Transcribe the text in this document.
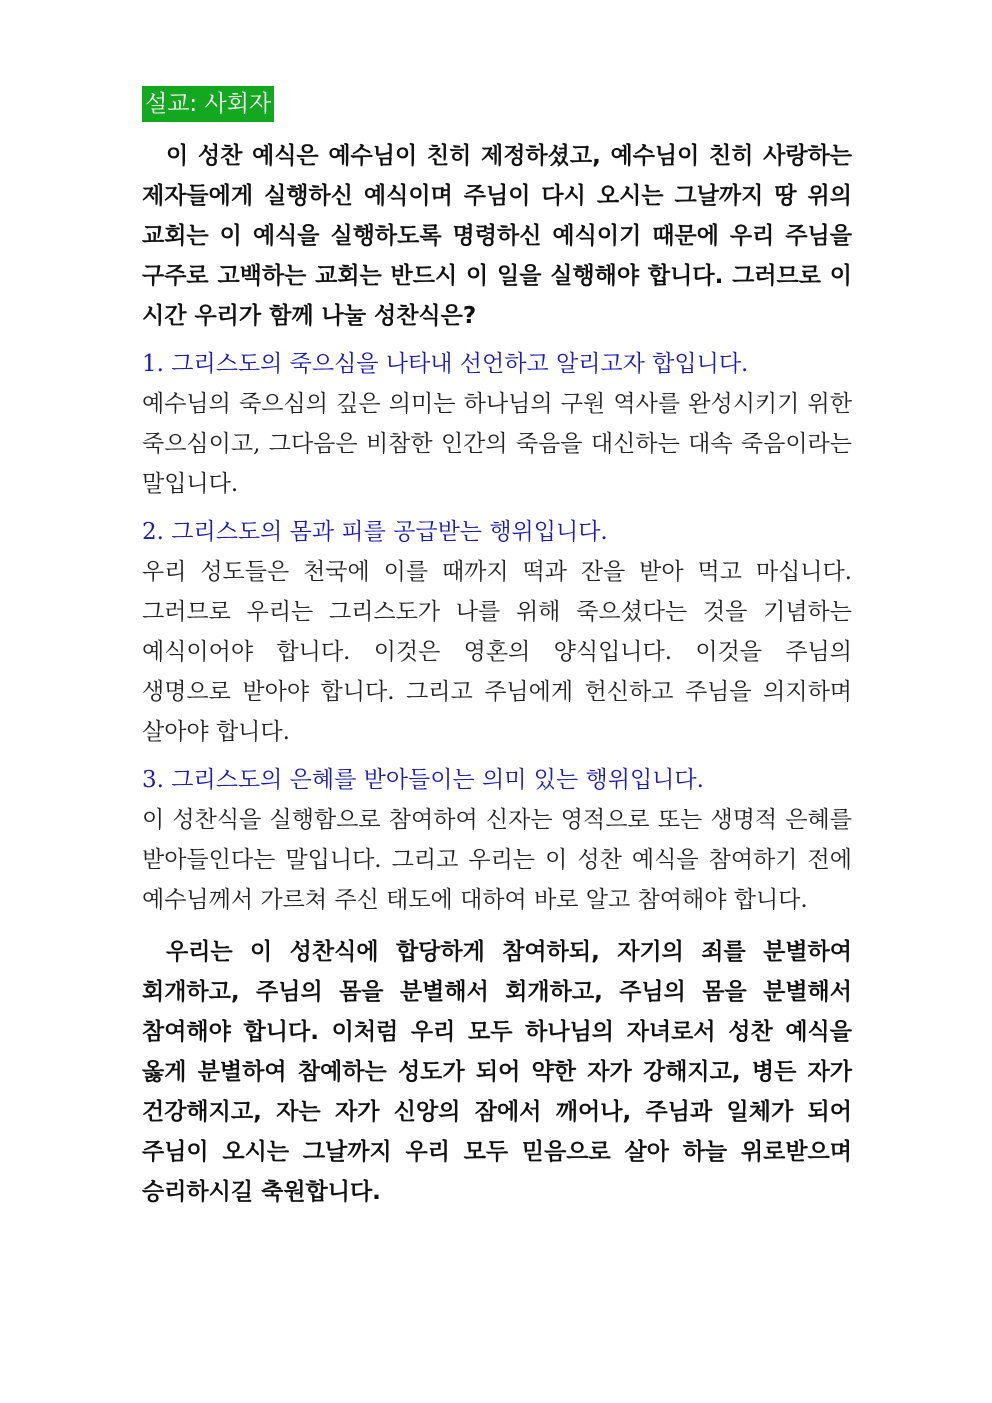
설교: 사회자

이 성찬 예식은 예수님이 친히 제정하셨고, 예수님이 친히 사랑하는 제자들에게 실행하신 예식이며 주님이 다시 오시는 그날까지 땅 위의 교회는 이 예식을 실행하도록 명령하신 예식이기 때문에 우리 주님을 구주로 고백하는 교회는 반드시 이 일을 실행해야 합니다. 그러므로 이 시간 우리가 함께 나눌 성찬식은?

1. 그리스도의 죽으심을 나타내 선언하고 알리고자 합입니다.

예수님의 죽으심의 깊은 의미는 하나님의 구원 역사를 완성시키기 위한 죽으심이고, 그다음은 비참한 인간의 죽음을 대신하는 대속 죽음이라는 말입니다.

2. 그리스도의 몸과 피를 공급받는 행위입니다.

우리 성도들은 천국에 이를 때까지 떡과 잔을 받아 먹고 마십니다. 그러므로 우리는 그리스도가 나를 위해 죽으셨다는 것을 기념하는 예식이어야 합니다. 이것은 영혼의 양식입니다. 이것을 주님의 생명으로 받아야 합니다. 그리고 주님에게 헌신하고 주님을 의지하며 살아야 합니다.

3. 그리스도의 은혜를 받아들이는 의미 있는 행위입니다.

이 성찬식을 실행함으로 참여하여 신자는 영적으로 또는 생명적 은혜를 받아들인다는 말입니다. 그리고 우리는 이 성찬 예식을 참여하기 전에 예수님께서 가르쳐 주신 태도에 대하여 바로 알고 참여해야 합니다.

우리는 이 성찬식에 합당하게 참여하되, 자기의 죄를 분별하여 회개하고, 주님의 몸을 분별해서 회개하고, 주님의 몸을 분별해서 참여해야 합니다. 이처럼 우리 모두 하나님의 자녀로서 성찬 예식을 옳게 분별하여 참예하는 성도가 되어 약한 자가 강해지고, 병든 자가 건강해지고, 자는 자가 신앙의 잠에서 깨어나, 주님과 일체가 되어 주님이 오시는 그날까지 우리 모두 믿음으로 살아 하늘 위로받으며 승리하시길 축원합니다.
